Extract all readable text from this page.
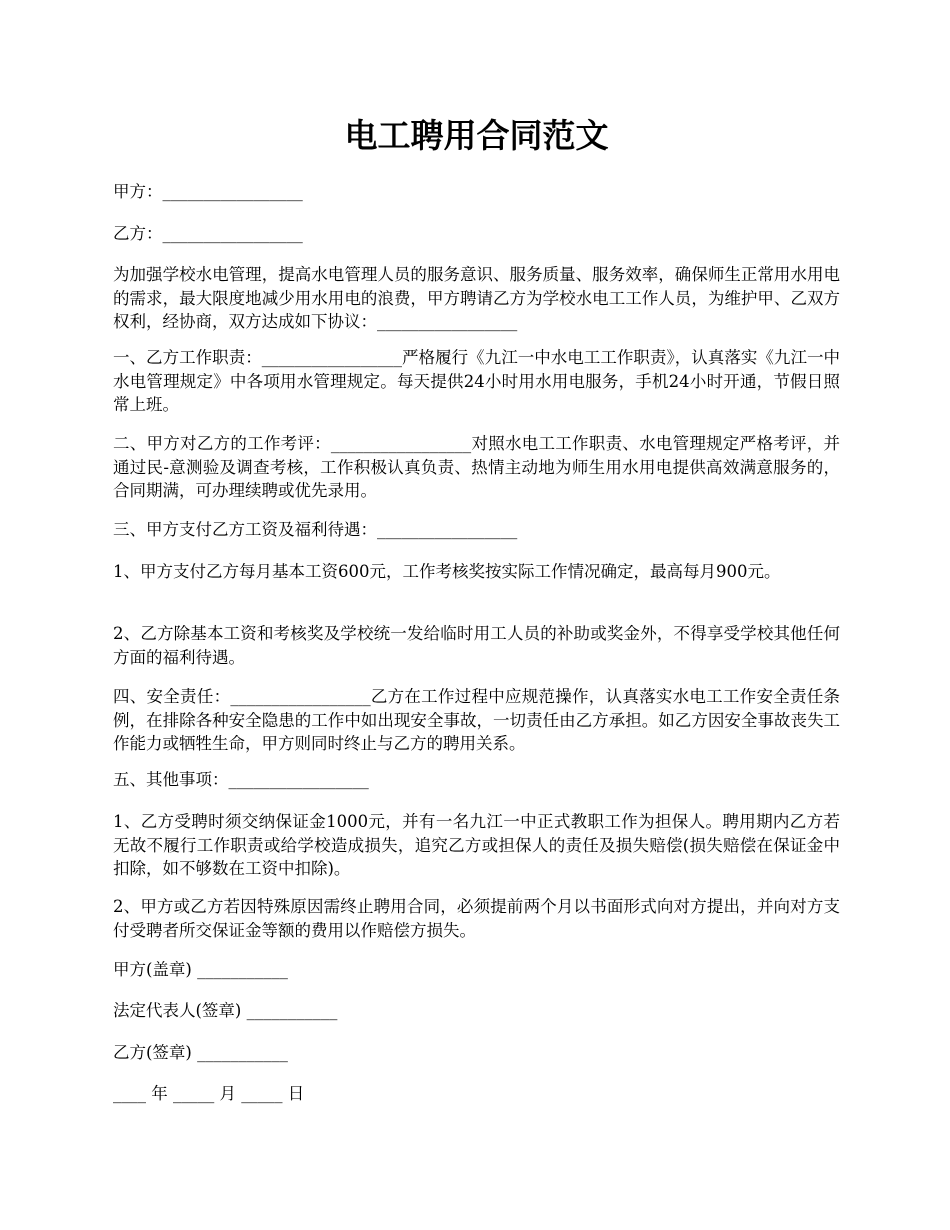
电工聘用合同范文

甲方：_________________

乙方：_________________

为加强学校水电管理，提高水电管理人员的服务意识、服务质量、服务效率，确保师生正常用水用电的需求，最大限度地减少用水用电的浪费，甲方聘请乙方为学校水电工工作人员，为维护甲、乙双方权利，经协商，双方达成如下协议：_________________

一、乙方工作职责：_________________严格履行《九江一中水电工工作职责》，认真落实《九江一中水电管理规定》中各项用水管理规定。每天提供24小时用水用电服务，手机24小时开通，节假日照常上班。

二、甲方对乙方的工作考评：_________________对照水电工工作职责、水电管理规定严格考评，并通过民-意测验及调查考核，工作积极认真负责、热情主动地为师生用水用电提供高效满意服务的，合同期满，可办理续聘或优先录用。

三、甲方支付乙方工资及福利待遇：_________________

1、甲方支付乙方每月基本工资600元，工作考核奖按实际工作情况确定，最高每月900元。

2、乙方除基本工资和考核奖及学校统一发给临时用工人员的补助或奖金外，不得享受学校其他任何方面的福利待遇。

四、安全责任：_________________乙方在工作过程中应规范操作，认真落实水电工工作安全责任条例，在排除各种安全隐患的工作中如出现安全事故，一切责任由乙方承担。如乙方因安全事故丧失工作能力或牺牲生命，甲方则同时终止与乙方的聘用关系。

五、其他事项：_________________

1、乙方受聘时须交纳保证金1000元，并有一名九江一中正式教职工作为担保人。聘用期内乙方若无故不履行工作职责或给学校造成损失，追究乙方或担保人的责任及损失赔偿(损失赔偿在保证金中扣除，如不够数在工资中扣除)。

2、甲方或乙方若因特殊原因需终止聘用合同，必须提前两个月以书面形式向对方提出，并向对方支付受聘者所交保证金等额的费用以作赔偿方损失。

甲方(盖章) ___________

法定代表人(签章) ___________

乙方(签章) ___________

____ 年 _____ 月 _____ 日
